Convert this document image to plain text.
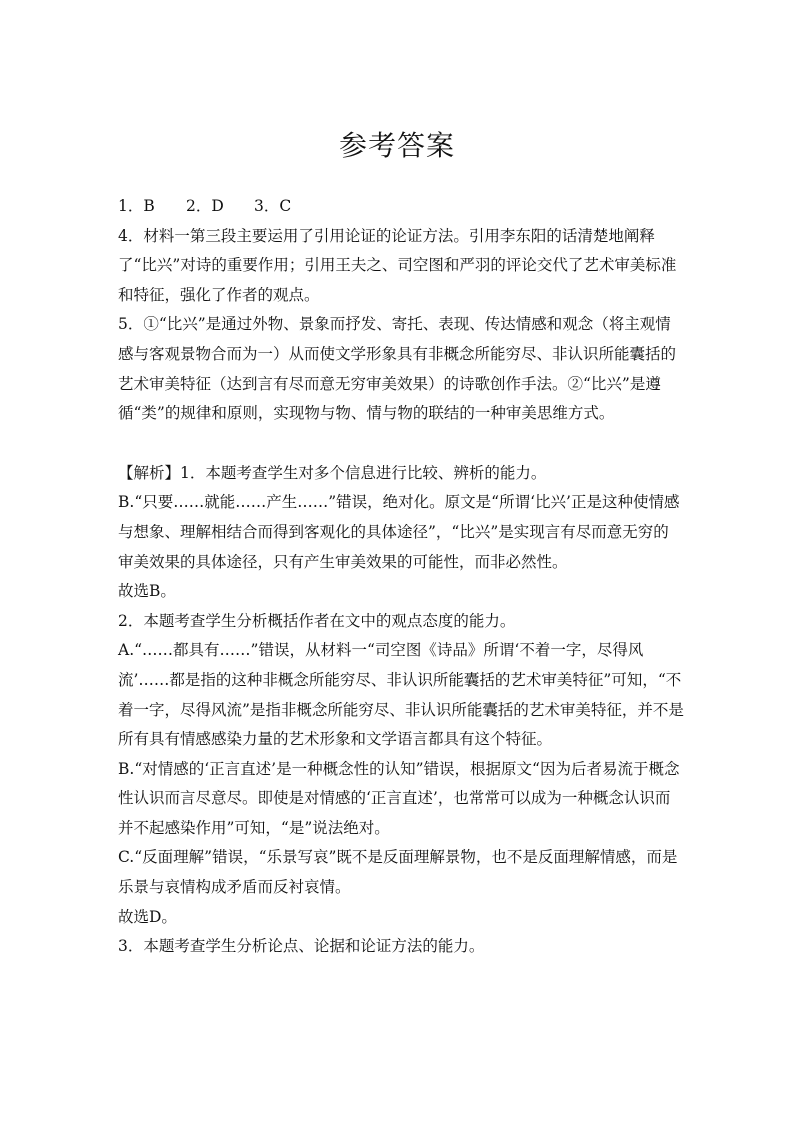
参考答案
1．B	2．D	3．C

4．材料一第三段主要运用了引用论证的论证方法。引用李东阳的话清楚地阐释了“比兴”对诗的重要作用；引用王夫之、司空图和严羽的评论交代了艺术审美标准和特征，强化了作者的观点。

5．①“比兴”是通过外物、景象而抒发、寄托、表现、传达情感和观念（将主观情感与客观景物合而为一）从而使文学形象具有非概念所能穷尽、非认识所能囊括的艺术审美特征（达到言有尽而意无穷审美效果）的诗歌创作手法。②“比兴”是遵循“类”的规律和原则，实现物与物、情与物的联结的一种审美思维方式。

【解析】1．本题考查学生对多个信息进行比较、辨析的能力。

B.“只要……就能……产生……”错误，绝对化。原文是“所谓‘比兴’正是这种使情感与想象、理解相结合而得到客观化的具体途径”，“比兴”是实现言有尽而意无穷的审美效果的具体途径，只有产生审美效果的可能性，而非必然性。

故选B。

2．本题考查学生分析概括作者在文中的观点态度的能力。

A.“……都具有……”错误，从材料一“司空图《诗品》所谓‘不着一字，尽得风流’……都是指的这种非概念所能穷尽、非认识所能囊括的艺术审美特征”可知，“不着一字，尽得风流”是指非概念所能穷尽、非认识所能囊括的艺术审美特征，并不是所有具有情感感染力量的艺术形象和文学语言都具有这个特征。

B.“对情感的‘正言直述’是一种概念性的认知”错误，根据原文“因为后者易流于概念性认识而言尽意尽。即使是对情感的‘正言直述’，也常常可以成为一种概念认识而并不起感染作用”可知，“是”说法绝对。

C.“反面理解”错误，“乐景写哀”既不是反面理解景物，也不是反面理解情感，而是乐景与哀情构成矛盾而反衬哀情。

故选D。

3．本题考查学生分析论点、论据和论证方法的能力。
